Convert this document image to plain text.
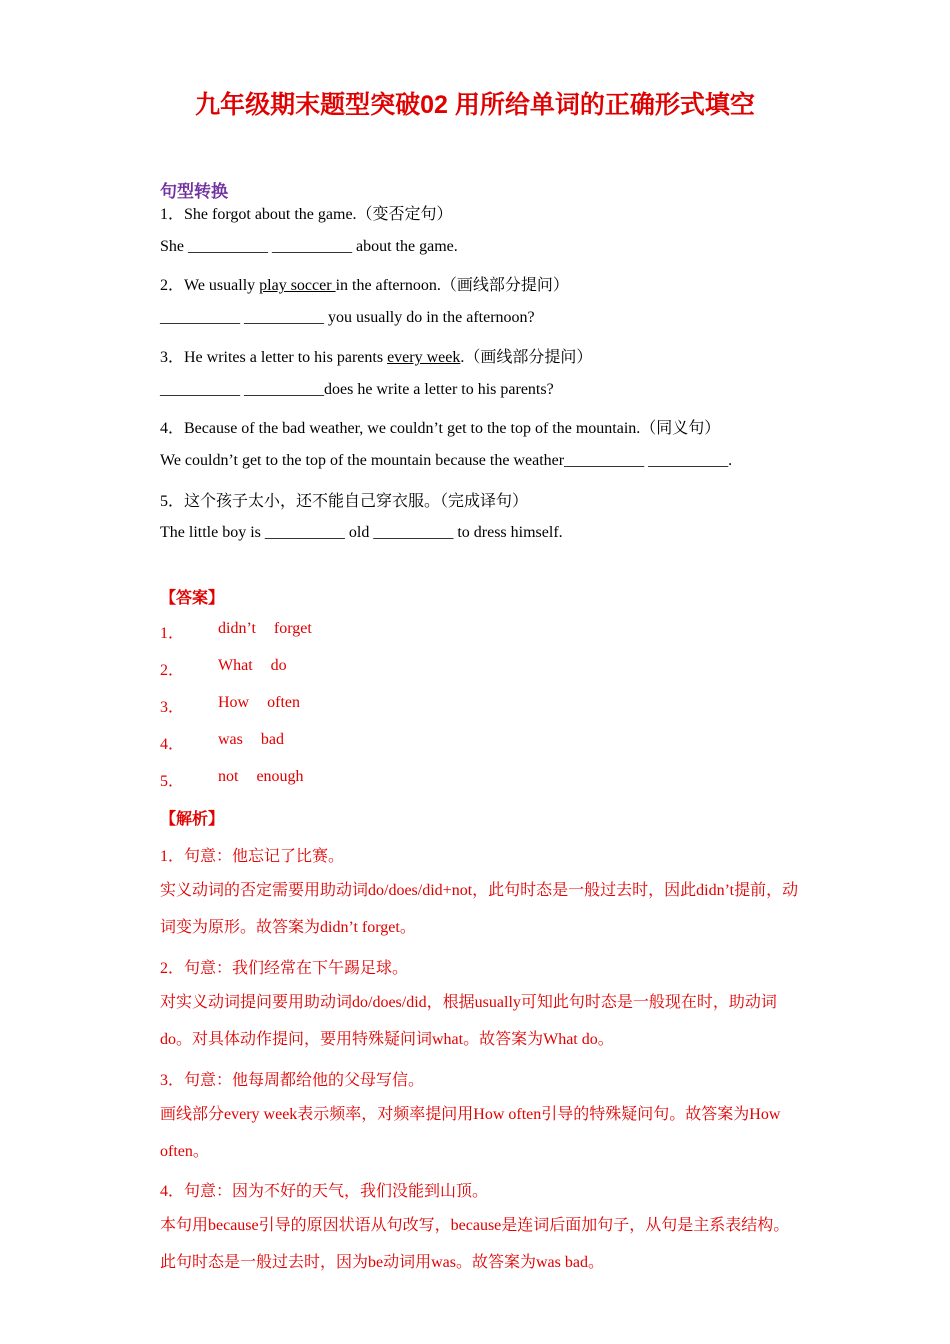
九年级期末题型突破02 用所给单词的正确形式填空
句型转换
1．She forgot about the game.（变否定句）
She __________ __________ about the game.
2．We usually play soccer in the afternoon.（画线部分提问）
__________ __________ you usually do in the afternoon?
3．He writes a letter to his parents every week.（画线部分提问）
__________ __________does he write a letter to his parents?
4．Because of the bad weather, we couldn’t get to the top of the mountain.（同义句）
We couldn’t get to the top of the mountain because the weather__________ __________.
5．这个孩子太小，还不能自己穿衣服。（完成译句）
The little boy is __________ old __________ to dress himself.
【答案】
1． didn’t forget
2． What do
3． How often
4． was bad
5． not enough
【解析】
1．句意：他忘记了比赛。
实义动词的否定需要用助动词do/does/did+not，此句时态是一般过去时，因此didn’t提前，动词变为原形。故答案为didn’t forget。
2．句意：我们经常在下午踢足球。
对实义动词提问要用助动词do/does/did，根据usually可知此句时态是一般现在时，助动词do。对具体动作提问，要用特殊疑问词what。故答案为What do。
3．句意：他每周都给他的父母写信。
画线部分every week表示频率，对频率提问用How often引导的特殊疑问句。故答案为How often。
4．句意：因为不好的天气，我们没能到山顶。
本句用because引导的原因状语从句改写，because是连词后面加句子，从句是主系表结构。此句时态是一般过去时，因为be动词用was。故答案为was bad。
